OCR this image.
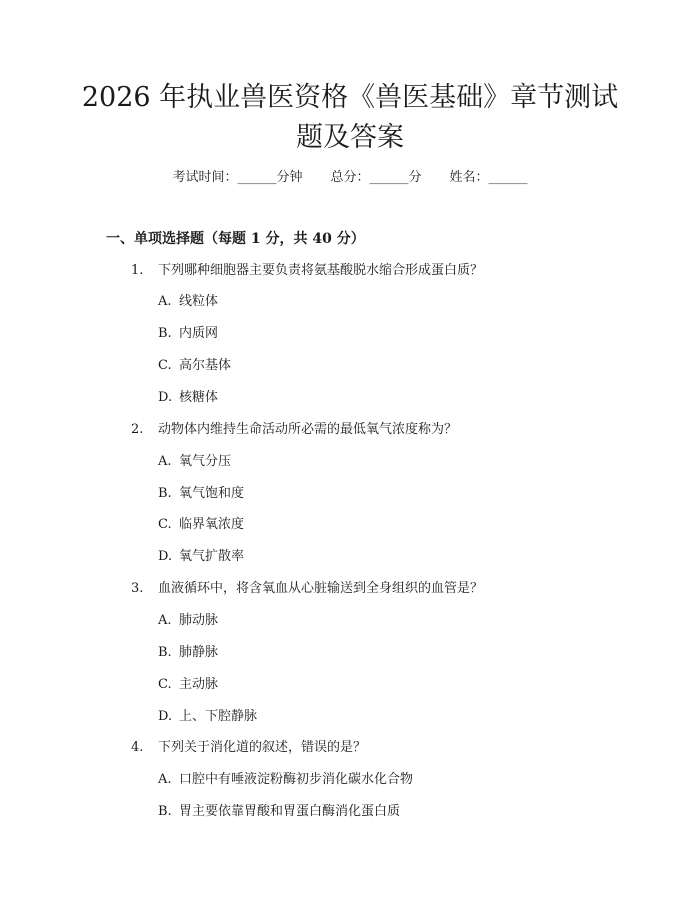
2026 年执业兽医资格《兽医基础》章节测试
题及答案
考试时间：______分钟 总分：______分 姓名：______
一、单项选择题（每题 1 分，共 40 分）
1. 下列哪种细胞器主要负责将氨基酸脱水缩合形成蛋白质？
A. 线粒体
B. 内质网
C. 高尔基体
D. 核糖体
2. 动物体内维持生命活动所必需的最低氧气浓度称为？
A. 氧气分压
B. 氧气饱和度
C. 临界氧浓度
D. 氧气扩散率
3. 血液循环中，将含氧血从心脏输送到全身组织的血管是？
A. 肺动脉
B. 肺静脉
C. 主动脉
D. 上、下腔静脉
4. 下列关于消化道的叙述，错误的是？
A. 口腔中有唾液淀粉酶初步消化碳水化合物
B. 胃主要依靠胃酸和胃蛋白酶消化蛋白质
